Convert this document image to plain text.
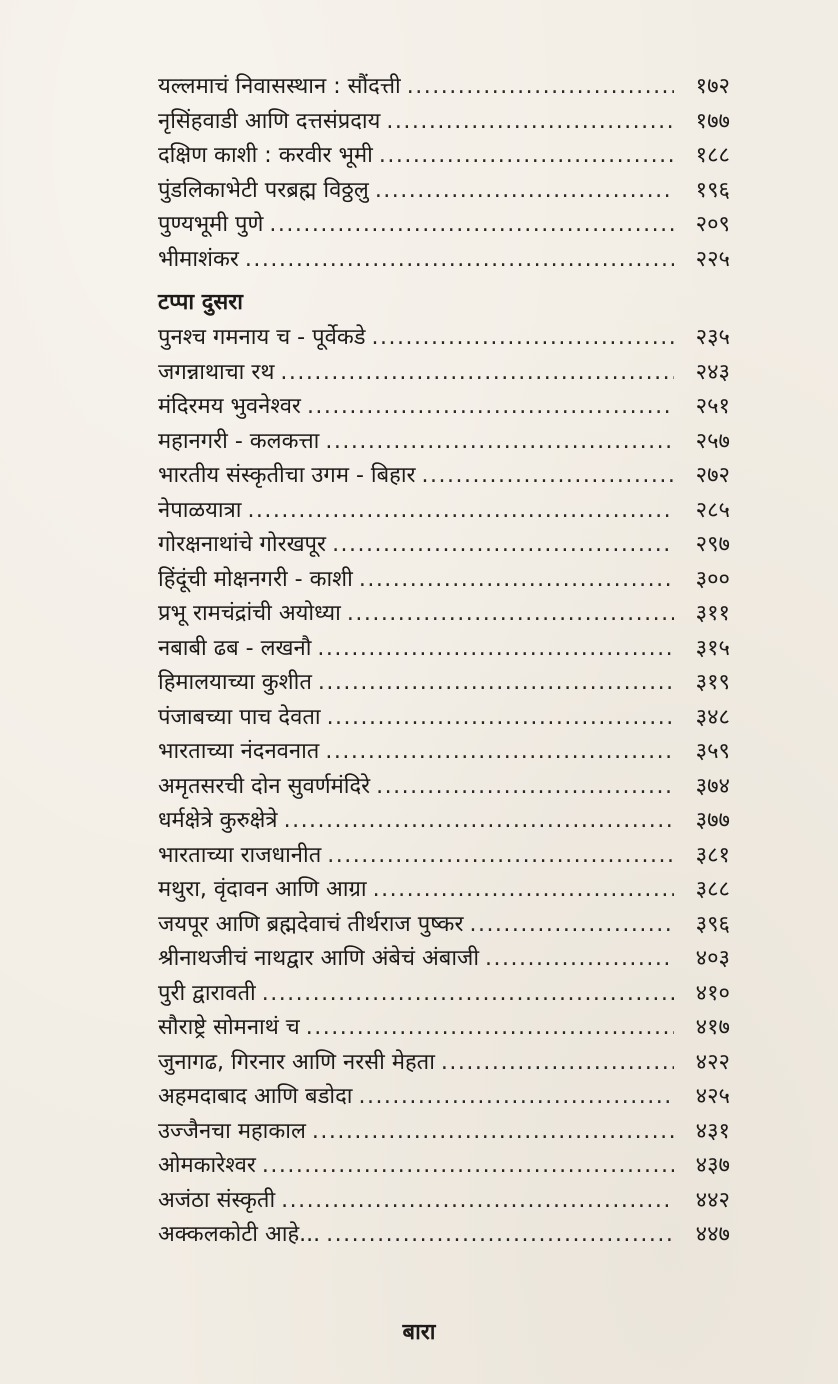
यल्लमाचं निवासस्थान : सौंदत्ती .....	१७२
नृसिंहवाडी आणि दत्तसंप्रदाय .....	१७७
दक्षिण काशी : करवीर भूमी .....	१८८
पुंडलिकाभेटी परब्रह्म विठ्ठलु .....	१९६
पुण्यभूमी पुणे .....	२०९
भीमाशंकर .....	२२५
टप्पा दुसरा
पुनश्च गमनाय च - पूर्वेकडे .....	२३५
जगन्नाथाचा रथ .....	२४३
मंदिरमय भुवनेश्वर .....	२५१
महानगरी - कलकत्ता .....	२५७
भारतीय संस्कृतीचा उगम - बिहार .....	२७२
नेपाळयात्रा .....	२८५
गोरक्षनाथांचे गोरखपूर .....	२९७
हिंदूंची मोक्षनगरी - काशी .....	३००
प्रभू रामचंद्रांची अयोध्या .....	३११
नबाबी ढब - लखनौ .....	३१५
हिमालयाच्या कुशीत .....	३१९
पंजाबच्या पाच देवता .....	३४८
भारताच्या नंदनवनात .....	३५९
अमृतसरची दोन सुवर्णमंदिरे .....	३७४
धर्मक्षेत्रे कुरुक्षेत्रे .....	३७७
भारताच्या राजधानीत .....	३८१
मथुरा, वृंदावन आणि आग्रा .....	३८८
जयपूर आणि ब्रह्मदेवाचं तीर्थराज पुष्कर .....	३९६
श्रीनाथजीचं नाथद्वार आणि अंबेचं अंबाजी .....	४०३
पुरी द्वारावती .....	४१०
सौराष्ट्रे सोमनाथं च .....	४१७
जुनागढ, गिरनार आणि नरसी मेहता .....	४२२
अहमदाबाद आणि बडोदा .....	४२५
उज्जैनचा महाकाल .....	४३१
ओमकारेश्वर .....	४३७
अजंठा संस्कृती .....	४४२
अक्कलकोटी आहे... .....	४४७
बारा
